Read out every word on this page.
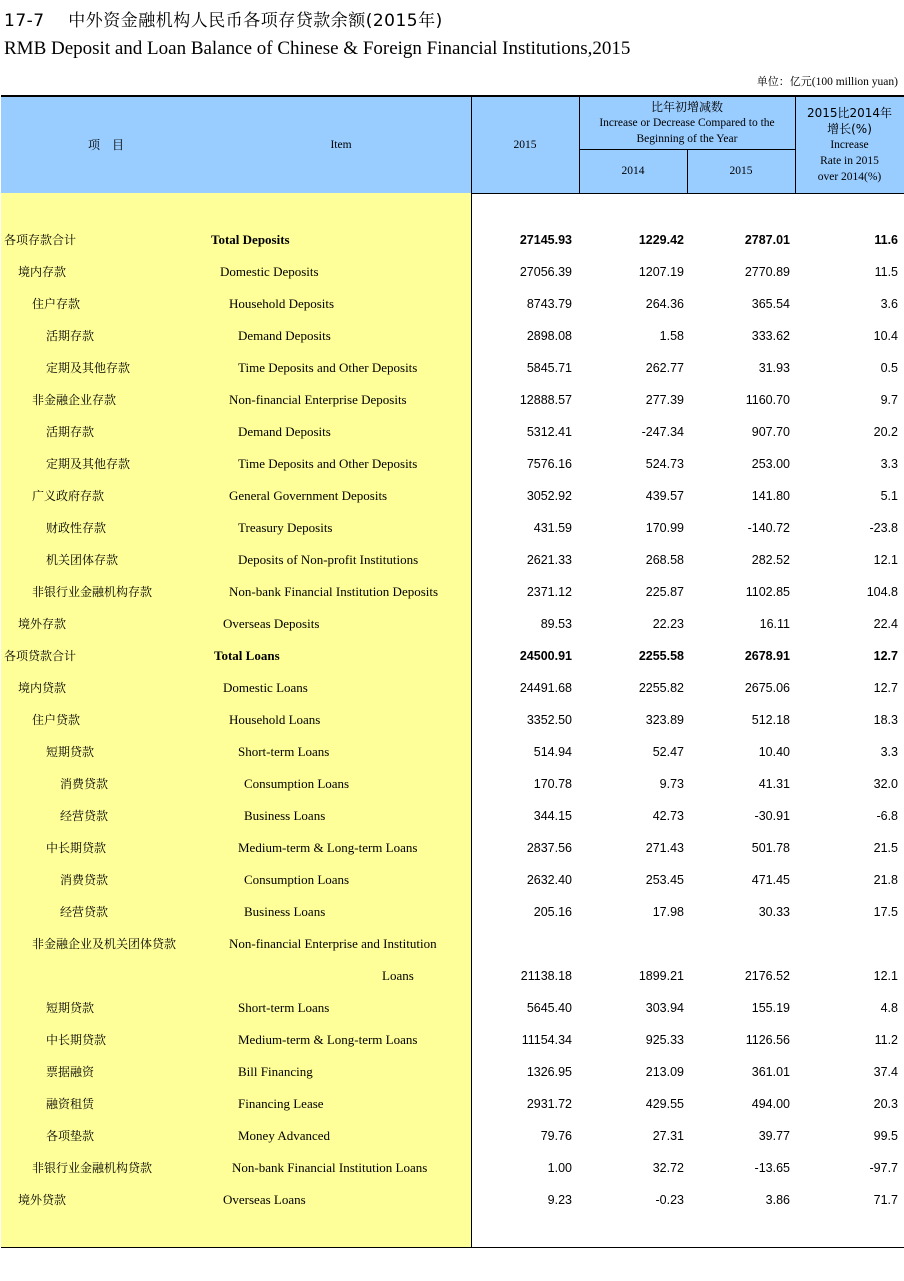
17-7 中外资金融机构人民币各项存贷款余额(2015年)
RMB Deposit and Loan Balance of Chinese & Foreign Financial Institutions,2015
单位：亿元(100 million yuan)
项　目	Item	2015
比年初增减数
Increase or Decrease Compared to the
Beginning of the Year
2014	2015
2015比2014年
增长(%)
Increase
Rate in 2015
over 2014(%)
各项存款合计	Total Deposits	27145.93	1229.42	2787.01	11.6
境内存款	Domestic Deposits	27056.39	1207.19	2770.89	11.5
住户存款	Household Deposits	8743.79	264.36	365.54	3.6
活期存款	Demand Deposits	2898.08	1.58	333.62	10.4
定期及其他存款	Time Deposits and Other Deposits	5845.71	262.77	31.93	0.5
非金融企业存款	Non-financial Enterprise Deposits	12888.57	277.39	1160.70	9.7
活期存款	Demand Deposits	5312.41	-247.34	907.70	20.2
定期及其他存款	Time Deposits and Other Deposits	7576.16	524.73	253.00	3.3
广义政府存款	General Government Deposits	3052.92	439.57	141.80	5.1
财政性存款	Treasury Deposits	431.59	170.99	-140.72	-23.8
机关团体存款	Deposits of Non-profit Institutions	2621.33	268.58	282.52	12.1
非银行业金融机构存款	Non-bank Financial Institution Deposits	2371.12	225.87	1102.85	104.8
境外存款	Overseas Deposits	89.53	22.23	16.11	22.4
各项贷款合计	Total Loans	24500.91	2255.58	2678.91	12.7
境内贷款	Domestic Loans	24491.68	2255.82	2675.06	12.7
住户贷款	Household Loans	3352.50	323.89	512.18	18.3
短期贷款	Short-term Loans	514.94	52.47	10.40	3.3
消费贷款	Consumption Loans	170.78	9.73	41.31	32.0
经营贷款	Business Loans	344.15	42.73	-30.91	-6.8
中长期贷款	Medium-term & Long-term Loans	2837.56	271.43	501.78	21.5
消费贷款	Consumption Loans	2632.40	253.45	471.45	21.8
经营贷款	Business Loans	205.16	17.98	30.33	17.5
非金融企业及机关团体贷款	Non-financial Enterprise and Institution
Loans	21138.18	1899.21	2176.52	12.1
短期贷款	Short-term Loans	5645.40	303.94	155.19	4.8
中长期贷款	Medium-term & Long-term Loans	11154.34	925.33	1126.56	11.2
票据融资	Bill Financing	1326.95	213.09	361.01	37.4
融资租赁	Financing Lease	2931.72	429.55	494.00	20.3
各项垫款	Money Advanced	79.76	27.31	39.77	99.5
非银行业金融机构贷款	Non-bank Financial Institution Loans	1.00	32.72	-13.65	-97.7
境外贷款	Overseas Loans	9.23	-0.23	3.86	71.7
